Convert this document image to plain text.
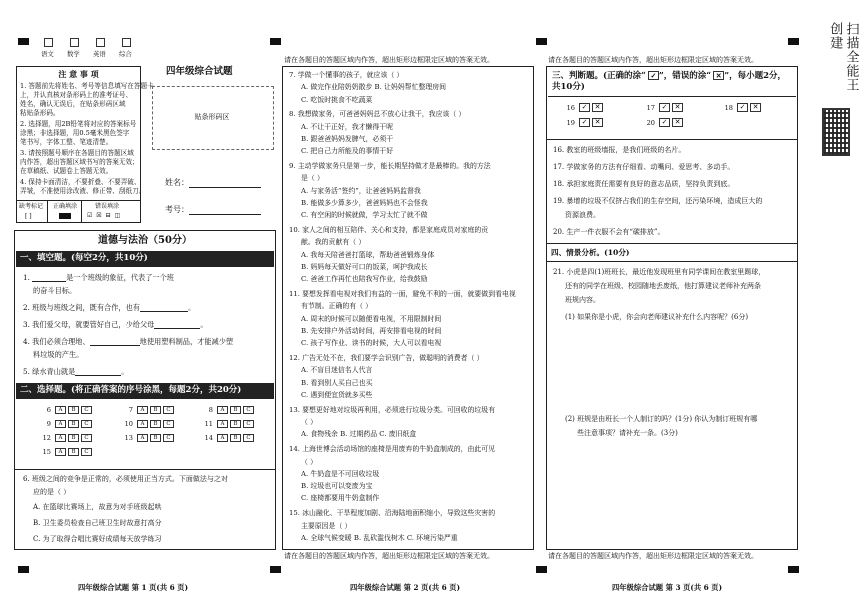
语文 数学 英语 综合
注 意 事 项
1. 答题前先将姓名、考号等信息填写在答题卡
上，并认真核对条形码上的准考证号、
姓名，确认无误后，在贴条形码区域
粘贴条形码。
2. 选择题，用2B铅笔将对应的答案标号
涂黑；非选择题，用0.5毫米黑色签字
笔书写，字体工整、笔迹清楚。
3. 请按照题号顺序在各题目的答题区域
内作答，超出答题区域书写的答案无效；
在草稿纸、试题卷上答题无效。
4. 保持卡面清洁，不要折叠、不要弄破、
弄皱，不准使用涂改液、修正带、刮纸刀。
缺考标记
[ ]
正确填涂	错误填涂
☑ ☒ ⊟ ◫
四年级综合试题
贴条形码区
姓名：
考号：
道德与法治（50分）
一、填空题。(每空2分，共10分)
1.	是一个班级的象征，代表了一个班
的奋斗目标。
2. 班级与班级之间，既有合作，也有	。
3. 我们爱父母，就要管好自己，少给父母	。
4. 我们必须合理地、	地使用塑料制品，才能减少塑
料垃圾的产生。
5. 绿水青山就是	。
二、选择题。(将正确答案的序号涂黑，每题2分，共20分)
6 A B C	7 A B C	8 A B C
9 A B C	10 A B C	11 A B C
12 A B C	13 A B C	14 A B C
15 A B C
6. 班级之间的竞争是正常的，必须使用正当方式。下面做法与之对
应的是（ ）
A. 在篮球比赛场上，故意为对手班级起哄
B. 卫生委员检查自己班卫生时故意打高分
C. 为了取得合唱比赛好成绩每天放学练习
四年级综合试题 第 1 页(共 6 页)
请在各题目的答题区域内作答，超出矩形边框限定区域的答案无效。
7. 学做一个懂事的孩子，就应该（ ）
A. 做完作业陪奶奶散步 B. 让妈妈帮忙整理房间
C. 吃饭时挑食不吃蔬菜
8. 我想做家务，可爸爸妈妈总不放心让我干，我应该（ ）
A. 不让干正好，我才懒得干呢
B. 跟爸爸妈妈发脾气，必须干
C. 把自己力所能及的事情干好
9. 主动学做家务只是第一步，能长期坚持做才是最棒的。我的方法
是（ ）
A. 与家务活“签约”，让爸爸妈妈监督我
B. 能做多少算多少，爸爸妈妈也不会怪我
C. 有空闲的时候就做，学习太忙了就不做
10. 家人之间的相互陪伴、关心和支持，都是家庭成员对家庭的贡
献。我的贡献有（ ）
A. 我每天陪爸爸打篮球，帮助爸爸锻炼身体
B. 妈妈每天做好可口的饭菜，呵护我成长
C. 爸爸工作再忙也陪我写作业，给我鼓励
11. 要想发挥看电视对我们有益的一面，避免不利的一面，就要做到看电视
有节制。正确的有（ ）
A. 周末的时候可以随便看电视，不用限制时间
B. 先安排户外活动时间，再安排看电视的时间
C. 孩子写作业、读书的时候，大人可以看电视
12. 广告无处不在，我们要学会识别广告，做聪明的消费者（ ）
A. 不盲目迷信名人代言
B. 看到别人买自己也买
C. 遇到便宜货就多买些
13. 要想更好地对垃圾再利用，必须进行垃圾分类。可回收的垃圾有
（ ）
A. 食物残余 B. 过期药品 C. 废旧纸盒
14. 上海世博会活动场馆的座椅是用废弃的牛奶盒制成的，由此可见
（ ）
A. 牛奶盒是不可回收垃圾
B. 垃圾也可以变废为宝
C. 座椅都要用牛奶盒制作
15. 冰山融化、干旱程度加剧、沿海陆地面积缩小，导致这些灾害的
主要原因是（ ）
A. 全球气候变暖 B. 乱砍滥伐树木 C. 环境污染严重
请在各题目的答题区域内作答，超出矩形边框限定区域的答案无效。
四年级综合试题 第 2 页(共 6 页)
请在各题目的答题区域内作答，超出矩形边框限定区域的答案无效。
三、判断题。(正确的涂“ ✓ ”，错误的涂“ ✕ ”，每小题2分，
共10分)
16 ✓ ✕	17 ✓ ✕	18 ✓ ✕
19 ✓ ✕	20 ✓ ✕
16. 教室的班级墙报，是我们班级的名片。
17. 学做家务的方法有仔细看、动嘴问、爱思考、多动手。
18. 承担家庭责任需要有良好的意志品质，坚持负责到底。
19. 暴增的垃圾不仅挤占我们的生存空间，还污染环境，造成巨大的
资源浪费。
20. 生产一件衣服不会有“碳排放”。
四、情景分析。(10分)
21. 小虎是四(1)班班长，最近他发现班里有同学课间在教室里踢球，
还有的同学在班级、校园随地丢废纸，他打算建议老师补充两条
班规内容。
(1) 如果你是小虎，你会向老师建议补充什么内容呢？(6分)
(2) 班规是由班长一个人制订的吗？(1分) 你认为制订班规有哪
些注意事项？请补充一条。(3分)
请在各题目的答题区域内作答，超出矩形边框限定区域的答案无效。
四年级综合试题 第 3 页(共 6 页)
扫描全能王 创建
